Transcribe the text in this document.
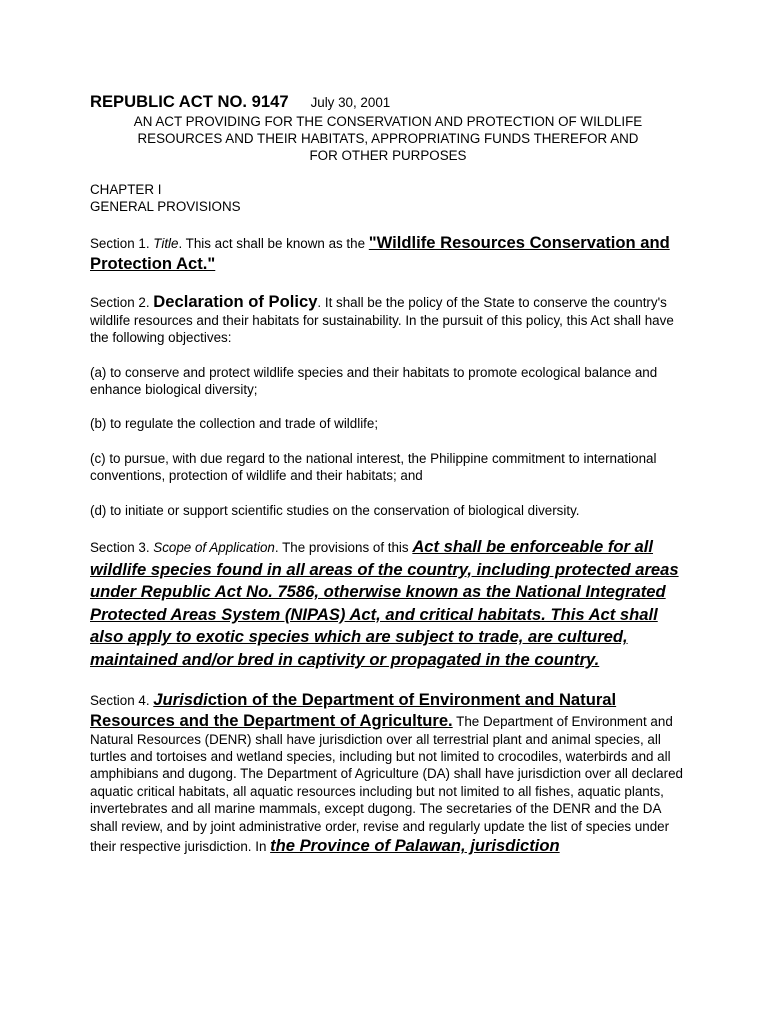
REPUBLIC ACT NO. 9147 July 30, 2001

AN ACT PROVIDING FOR THE CONSERVATION AND PROTECTION OF WILDLIFE
RESOURCES AND THEIR HABITATS, APPROPRIATING FUNDS THEREFOR AND
FOR OTHER PURPOSES

CHAPTER I
GENERAL PROVISIONS

Section 1. Title. This act shall be known as the "Wildlife Resources Conservation and Protection Act."

Section 2. Declaration of Policy. It shall be the policy of the State to conserve the country's wildlife resources and their habitats for sustainability. In the pursuit of this policy, this Act shall have the following objectives:

(a) to conserve and protect wildlife species and their habitats to promote ecological balance and enhance biological diversity;

(b) to regulate the collection and trade of wildlife;

(c) to pursue, with due regard to the national interest, the Philippine commitment to international conventions, protection of wildlife and their habitats; and

(d) to initiate or support scientific studies on the conservation of biological diversity.

Section 3. Scope of Application. The provisions of this Act shall be enforceable for all wildlife species found in all areas of the country, including protected areas under Republic Act No. 7586, otherwise known as the National Integrated Protected Areas System (NIPAS) Act, and critical habitats. This Act shall also apply to exotic species which are subject to trade, are cultured, maintained and/or bred in captivity or propagated in the country.

Section 4. Jurisdiction of the Department of Environment and Natural Resources and the Department of Agriculture. The Department of Environment and Natural Resources (DENR) shall have jurisdiction over all terrestrial plant and animal species, all turtles and tortoises and wetland species, including but not limited to crocodiles, waterbirds and all amphibians and dugong. The Department of Agriculture (DA) shall have jurisdiction over all declared aquatic critical habitats, all aquatic resources including but not limited to all fishes, aquatic plants, invertebrates and all marine mammals, except dugong. The secretaries of the DENR and the DA shall review, and by joint administrative order, revise and regularly update the list of species under their respective jurisdiction. In the Province of Palawan, jurisdiction
